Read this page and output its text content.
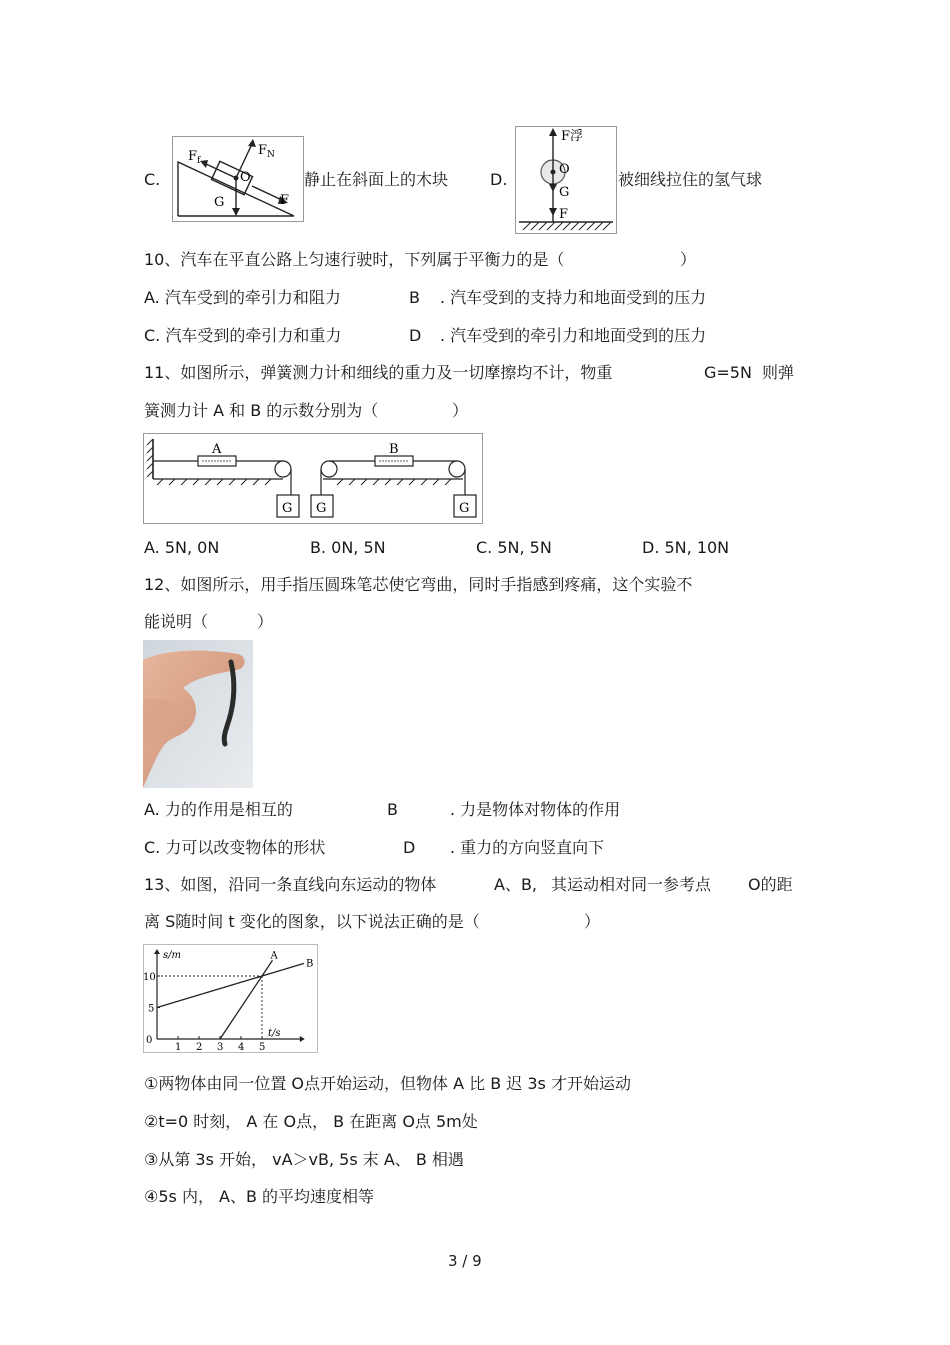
C.
$F_f$
$F_N$
O
G	F
静止在斜面上的木块	D.
F浮
O
G
F
被细线拉住的氢气球
10、汽车在平直公路上匀速行驶时，下列属于平衡力的是（	）
A. 汽车受到的牵引力和阻力	B . 汽车受到的支持力和地面受到的压力
C. 汽车受到的牵引力和重力	D . 汽车受到的牵引力和地面受到的压力
11、如图所示，弹簧测力计和细线的重力及一切摩擦均不计，物重	G=5N 则弹
簧测力计 A 和 B 的示数分别为（	）
A
G G
B
G
A. 5N, 0N	B. 0N, 5N	C. 5N, 5N	D. 5N, 10N
12、如图所示，用手指压圆珠笔芯使它弯曲，同时手指感到疼痛，这个实验不
能说明（	）
A. 力的作用是相互的	B	. 力是物体对物体的作用
C. 力可以改变物体的形状	D . 重力的方向竖直向下
13、如图，沿同一条直线向东运动的物体	A、B, 其运动相对同一参考点 O的距
离 S随时间 t 变化的图象，以下说法正确的是（	）
s/m
t/s
1 2 3 4 5
0
5
10
A
B
①两物体由同一位置 O点开始运动，但物体 A 比 B 迟 3s 才开始运动
②t=0 时刻， A 在 O点， B 在距离 O点 5m处
③从第 3s 开始， vA＞vB, 5s 末 A、 B 相遇
④5s 内， A、B 的平均速度相等
3 / 9
